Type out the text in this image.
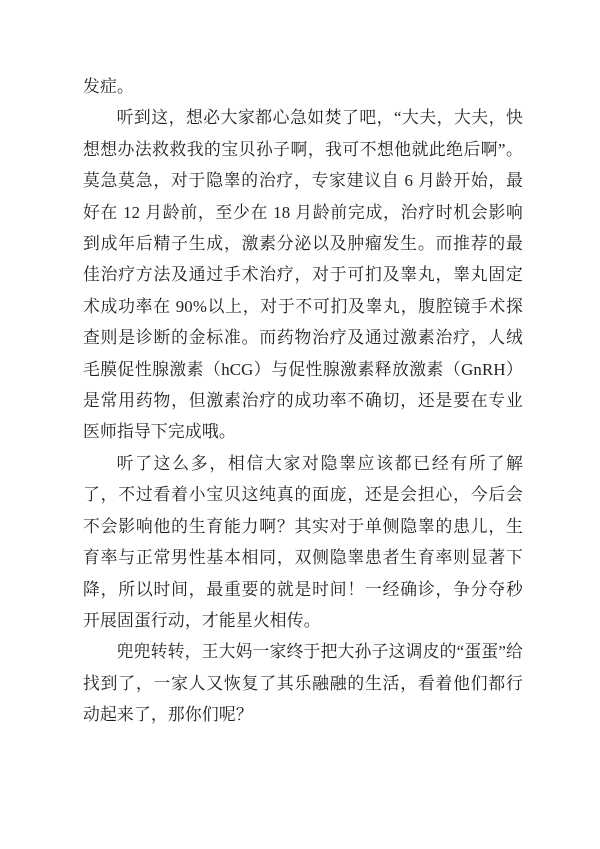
发症。

听到这，想必大家都心急如焚了吧，“大夫，大夫，快想想办法救救我的宝贝孙子啊，我可不想他就此绝后啊”。莫急莫急，对于隐睾的治疗，专家建议自 6 月龄开始，最好在 12 月龄前，至少在 18 月龄前完成，治疗时机会影响到成年后精子生成，激素分泌以及肿瘤发生。而推荐的最佳治疗方法及通过手术治疗，对于可扪及睾丸，睾丸固定术成功率在 90%以上，对于不可扪及睾丸，腹腔镜手术探查则是诊断的金标准。而药物治疗及通过激素治疗，人绒毛膜促性腺激素（hCG）与促性腺激素释放激素（GnRH）是常用药物，但激素治疗的成功率不确切，还是要在专业医师指导下完成哦。

听了这么多，相信大家对隐睾应该都已经有所了解了，不过看着小宝贝这纯真的面庞，还是会担心，今后会不会影响他的生育能力啊？其实对于单侧隐睾的患儿，生育率与正常男性基本相同，双侧隐睾患者生育率则显著下降，所以时间，最重要的就是时间！一经确诊，争分夺秒开展固蛋行动，才能星火相传。

兜兜转转，王大妈一家终于把大孙子这调皮的“蛋蛋”给找到了，一家人又恢复了其乐融融的生活，看着他们都行动起来了，那你们呢？
